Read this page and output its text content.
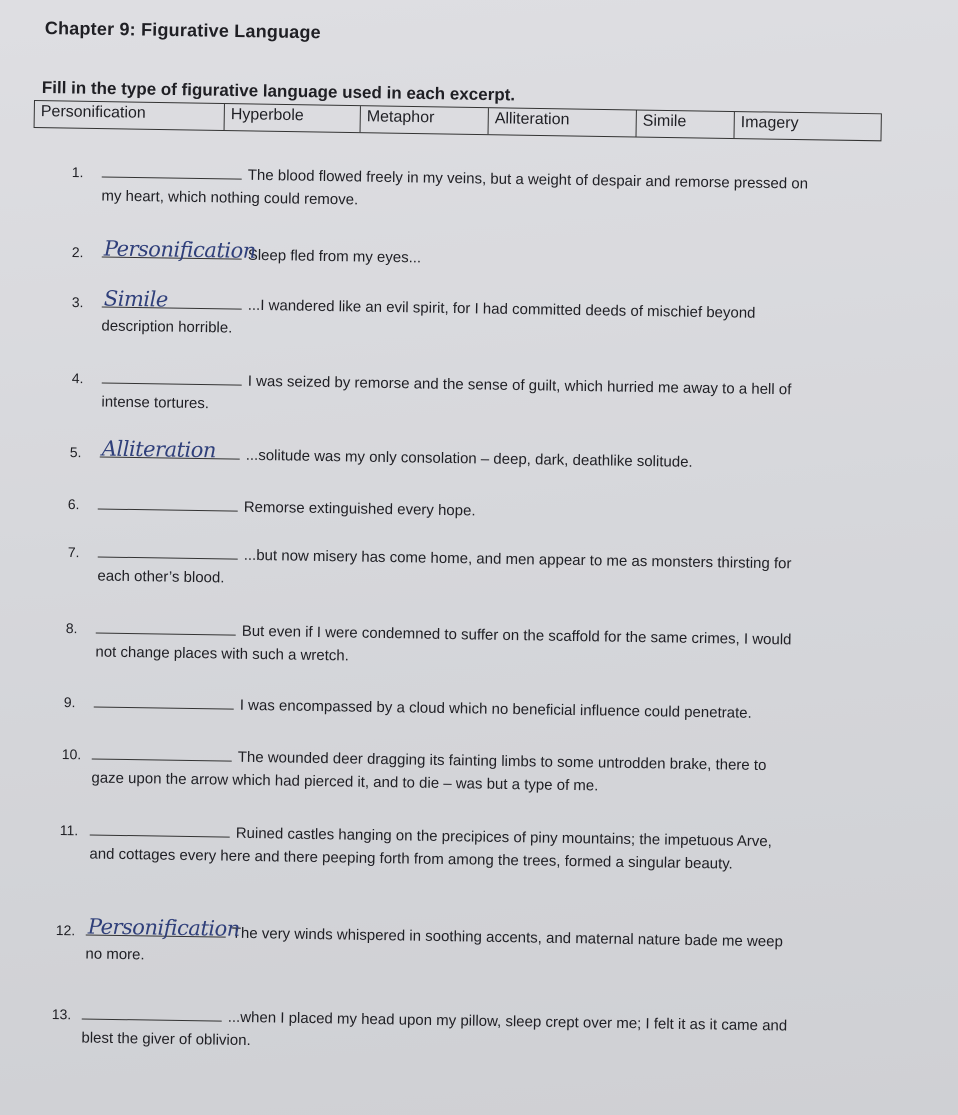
Chapter 9: Figurative Language
Fill in the type of figurative language used in each excerpt.
Personification	Hyperbole	Metaphor	Alliteration	Simile	Imagery
1.	The blood flowed freely in my veins, but a weight of despair and remorse pressed on
my heart, which nothing could remove.
2. Personification
Sleep fled from my eyes...
3. Simile	...I wandered like an evil spirit, for I had committed deeds of mischief beyond
description horrible.
4.	I was seized by remorse and the sense of guilt, which hurried me away to a hell of
intense tortures.
5. Alliteration ...solitude was my only consolation – deep, dark, deathlike solitude.
6.	Remorse extinguished every hope.
7.	...but now misery has come home, and men appear to me as monsters thirsting for
each other’s blood.
8.	But even if I were condemned to suffer on the scaffold for the same crimes, I would
not change places with such a wretch.
9.	I was encompassed by a cloud which no beneficial influence could penetrate.
10.	The wounded deer dragging its fainting limbs to some untrodden brake, there to
gaze upon the arrow which had pierced it, and to die – was but a type of me.
11.	Ruined castles hanging on the precipices of piny mountains; the impetuous Arve,
and cottages every here and there peeping forth from among the trees, formed a singular beauty.
12. Personification
The very winds whispered in soothing accents, and maternal nature bade me weep
no more.
13.	...when I placed my head upon my pillow, sleep crept over me; I felt it as it came and
blest the giver of oblivion.
